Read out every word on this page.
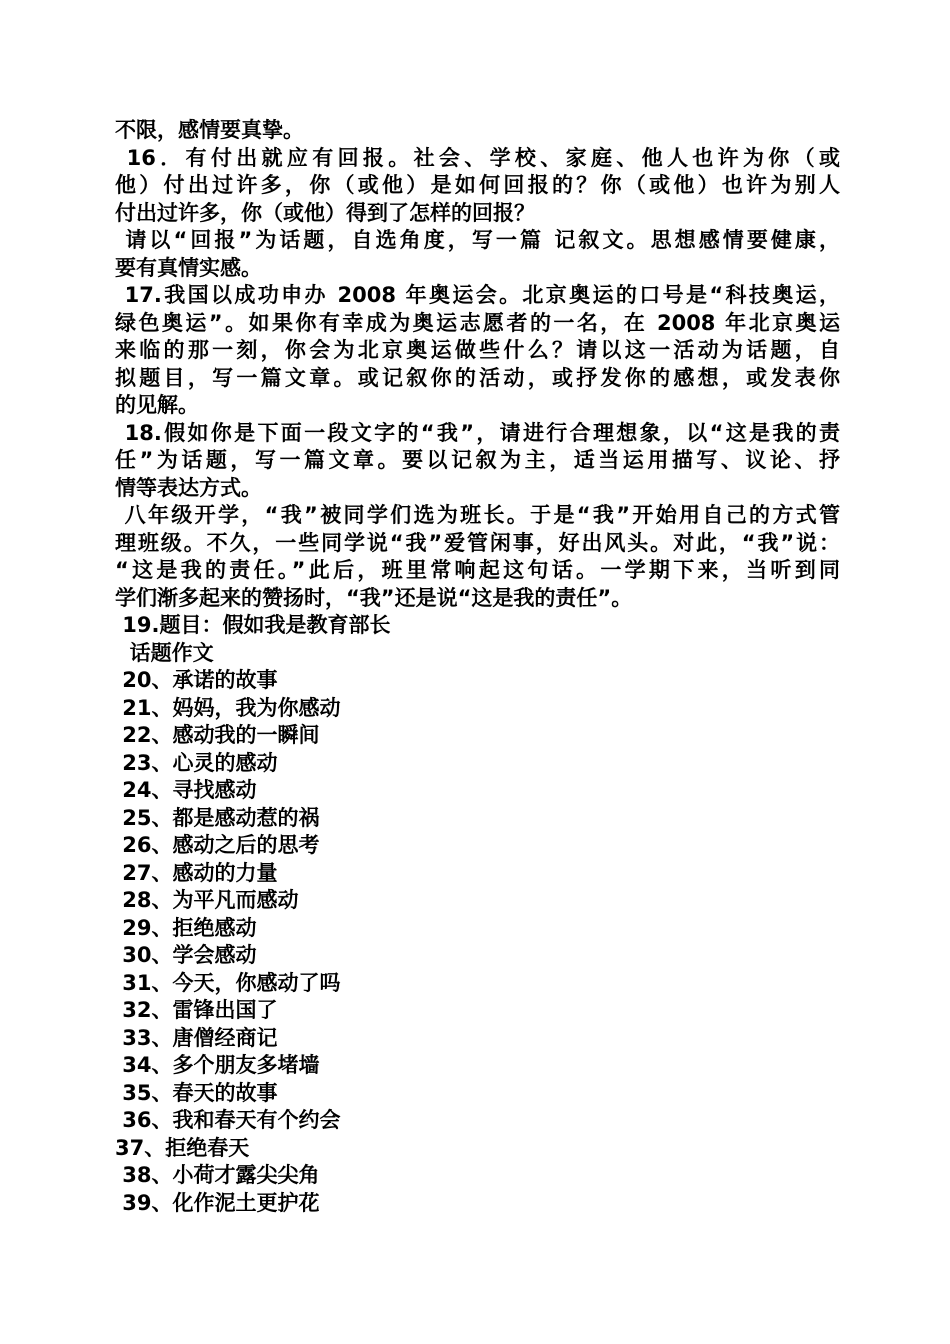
不限，感情要真挚。
16．有付出就应有回报。社会、学校、家庭、他人也许为你（或
他）付出过许多，你（或他）是如何回报的？你（或他）也许为别人
付出过许多，你（或他）得到了怎样的回报？
请以“回报”为话题，自选角度，写一篇 记叙文。思想感情要健康，
要有真情实感。
17.我国以成功申办 2008 年奥运会。北京奥运的口号是“科技奥运，
绿色奥运”。如果你有幸成为奥运志愿者的一名，在 2008 年北京奥运
来临的那一刻，你会为北京奥运做些什么？请以这一活动为话题，自
拟题目，写一篇文章。或记叙你的活动，或抒发你的感想，或发表你
的见解。
18.假如你是下面一段文字的“我”，请进行合理想象，以“这是我的责
任”为话题，写一篇文章。要以记叙为主，适当运用描写、议论、抒
情等表达方式。
八年级开学，“我”被同学们选为班长。于是“我”开始用自己的方式管
理班级。不久，一些同学说“我”爱管闲事，好出风头。对此，“我”说：
“这是我的责任。”此后，班里常响起这句话。一学期下来，当听到同
学们渐多起来的赞扬时，“我”还是说“这是我的责任”。
19.题目：假如我是教育部长
话题作文
20、承诺的故事
21、妈妈，我为你感动
22、感动我的一瞬间
23、心灵的感动
24、寻找感动
25、都是感动惹的祸
26、感动之后的思考
27、感动的力量
28、为平凡而感动
29、拒绝感动
30、学会感动
31、今天，你感动了吗
32、雷锋出国了
33、唐僧经商记
34、多个朋友多堵墙
35、春天的故事
36、我和春天有个约会
37、拒绝春天
38、小荷才露尖尖角
39、化作泥土更护花
